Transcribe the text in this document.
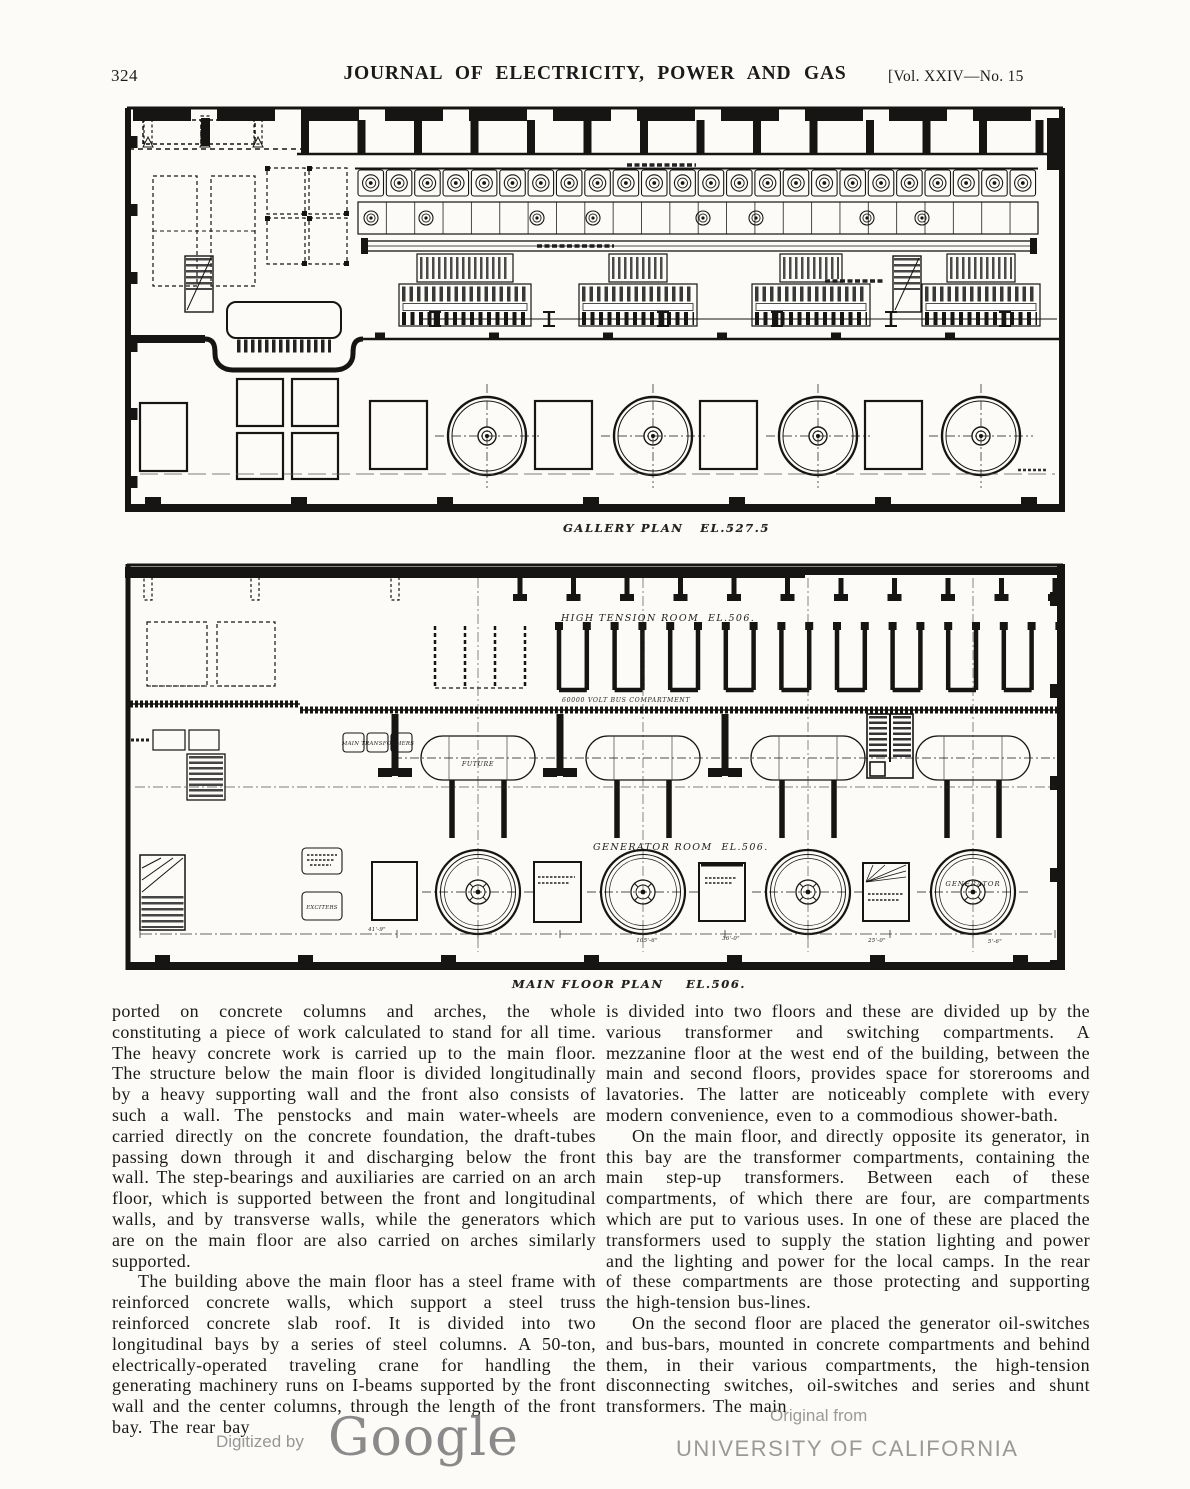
324	JOURNAL OF ELECTRICITY, POWER AND GAS	[Vol. XXIV—No. 15
GALLERY PLAN   EL.527.5
HIGH TENSION ROOM  EL.506.
60000 VOLT BUS COMPARTMENT
GENERATOR ROOM  EL.506.
FUTURE
GENERATOR
MAIN TRANSFORMERS
EXCITERS
41'-9"
105'-6"	36'-0"	25'-0"	5'-6"
MAIN FLOOR PLAN    EL.506.

ported on concrete columns and arches, the whole constituting a piece of work calculated to stand for all time. The heavy concrete work is carried up to the main floor. The structure below the main floor is divided longitudinally by a heavy supporting wall and the front also consists of such a wall. The penstocks and main water-wheels are carried directly on the concrete foundation, the draft-tubes passing down through it and discharging below the front wall. The step-bearings and auxiliaries are carried on an arch floor, which is supported between the front and longitudinal walls, and by transverse walls, while the generators which are on the main floor are also carried on arches similarly supported.

The building above the main floor has a steel frame with reinforced concrete walls, which support a steel truss reinforced concrete slab roof. It is divided into two longitudinal bays by a series of steel columns. A 50-ton, electrically-operated traveling crane for handling the generating machinery runs on I-beams supported by the front wall and the center columns, through the length of the front bay. The rear bay

is divided into two floors and these are divided up by the various transformer and switching compartments. A mezzanine floor at the west end of the building, between the main and second floors, provides space for storerooms and lavatories. The latter are noticeably complete with every modern convenience, even to a commodious shower-bath.

On the main floor, and directly opposite its generator, in this bay are the transformer compartments, containing the main step-up transformers. Between each of these compartments, of which there are four, are compartments which are put to various uses. In one of these are placed the transformers used to supply the station lighting and power and the lighting and power for the local camps. In the rear of these compartments are those protecting and supporting the high-tension bus-lines.

On the second floor are placed the generator oil-switches and bus-bars, mounted in concrete compartments and behind them, in their various compartments, the high-tension disconnecting switches, oil-switches and series and shunt transformers. The main

Digitized by Google	Original from
UNIVERSITY OF CALIFORNIA
